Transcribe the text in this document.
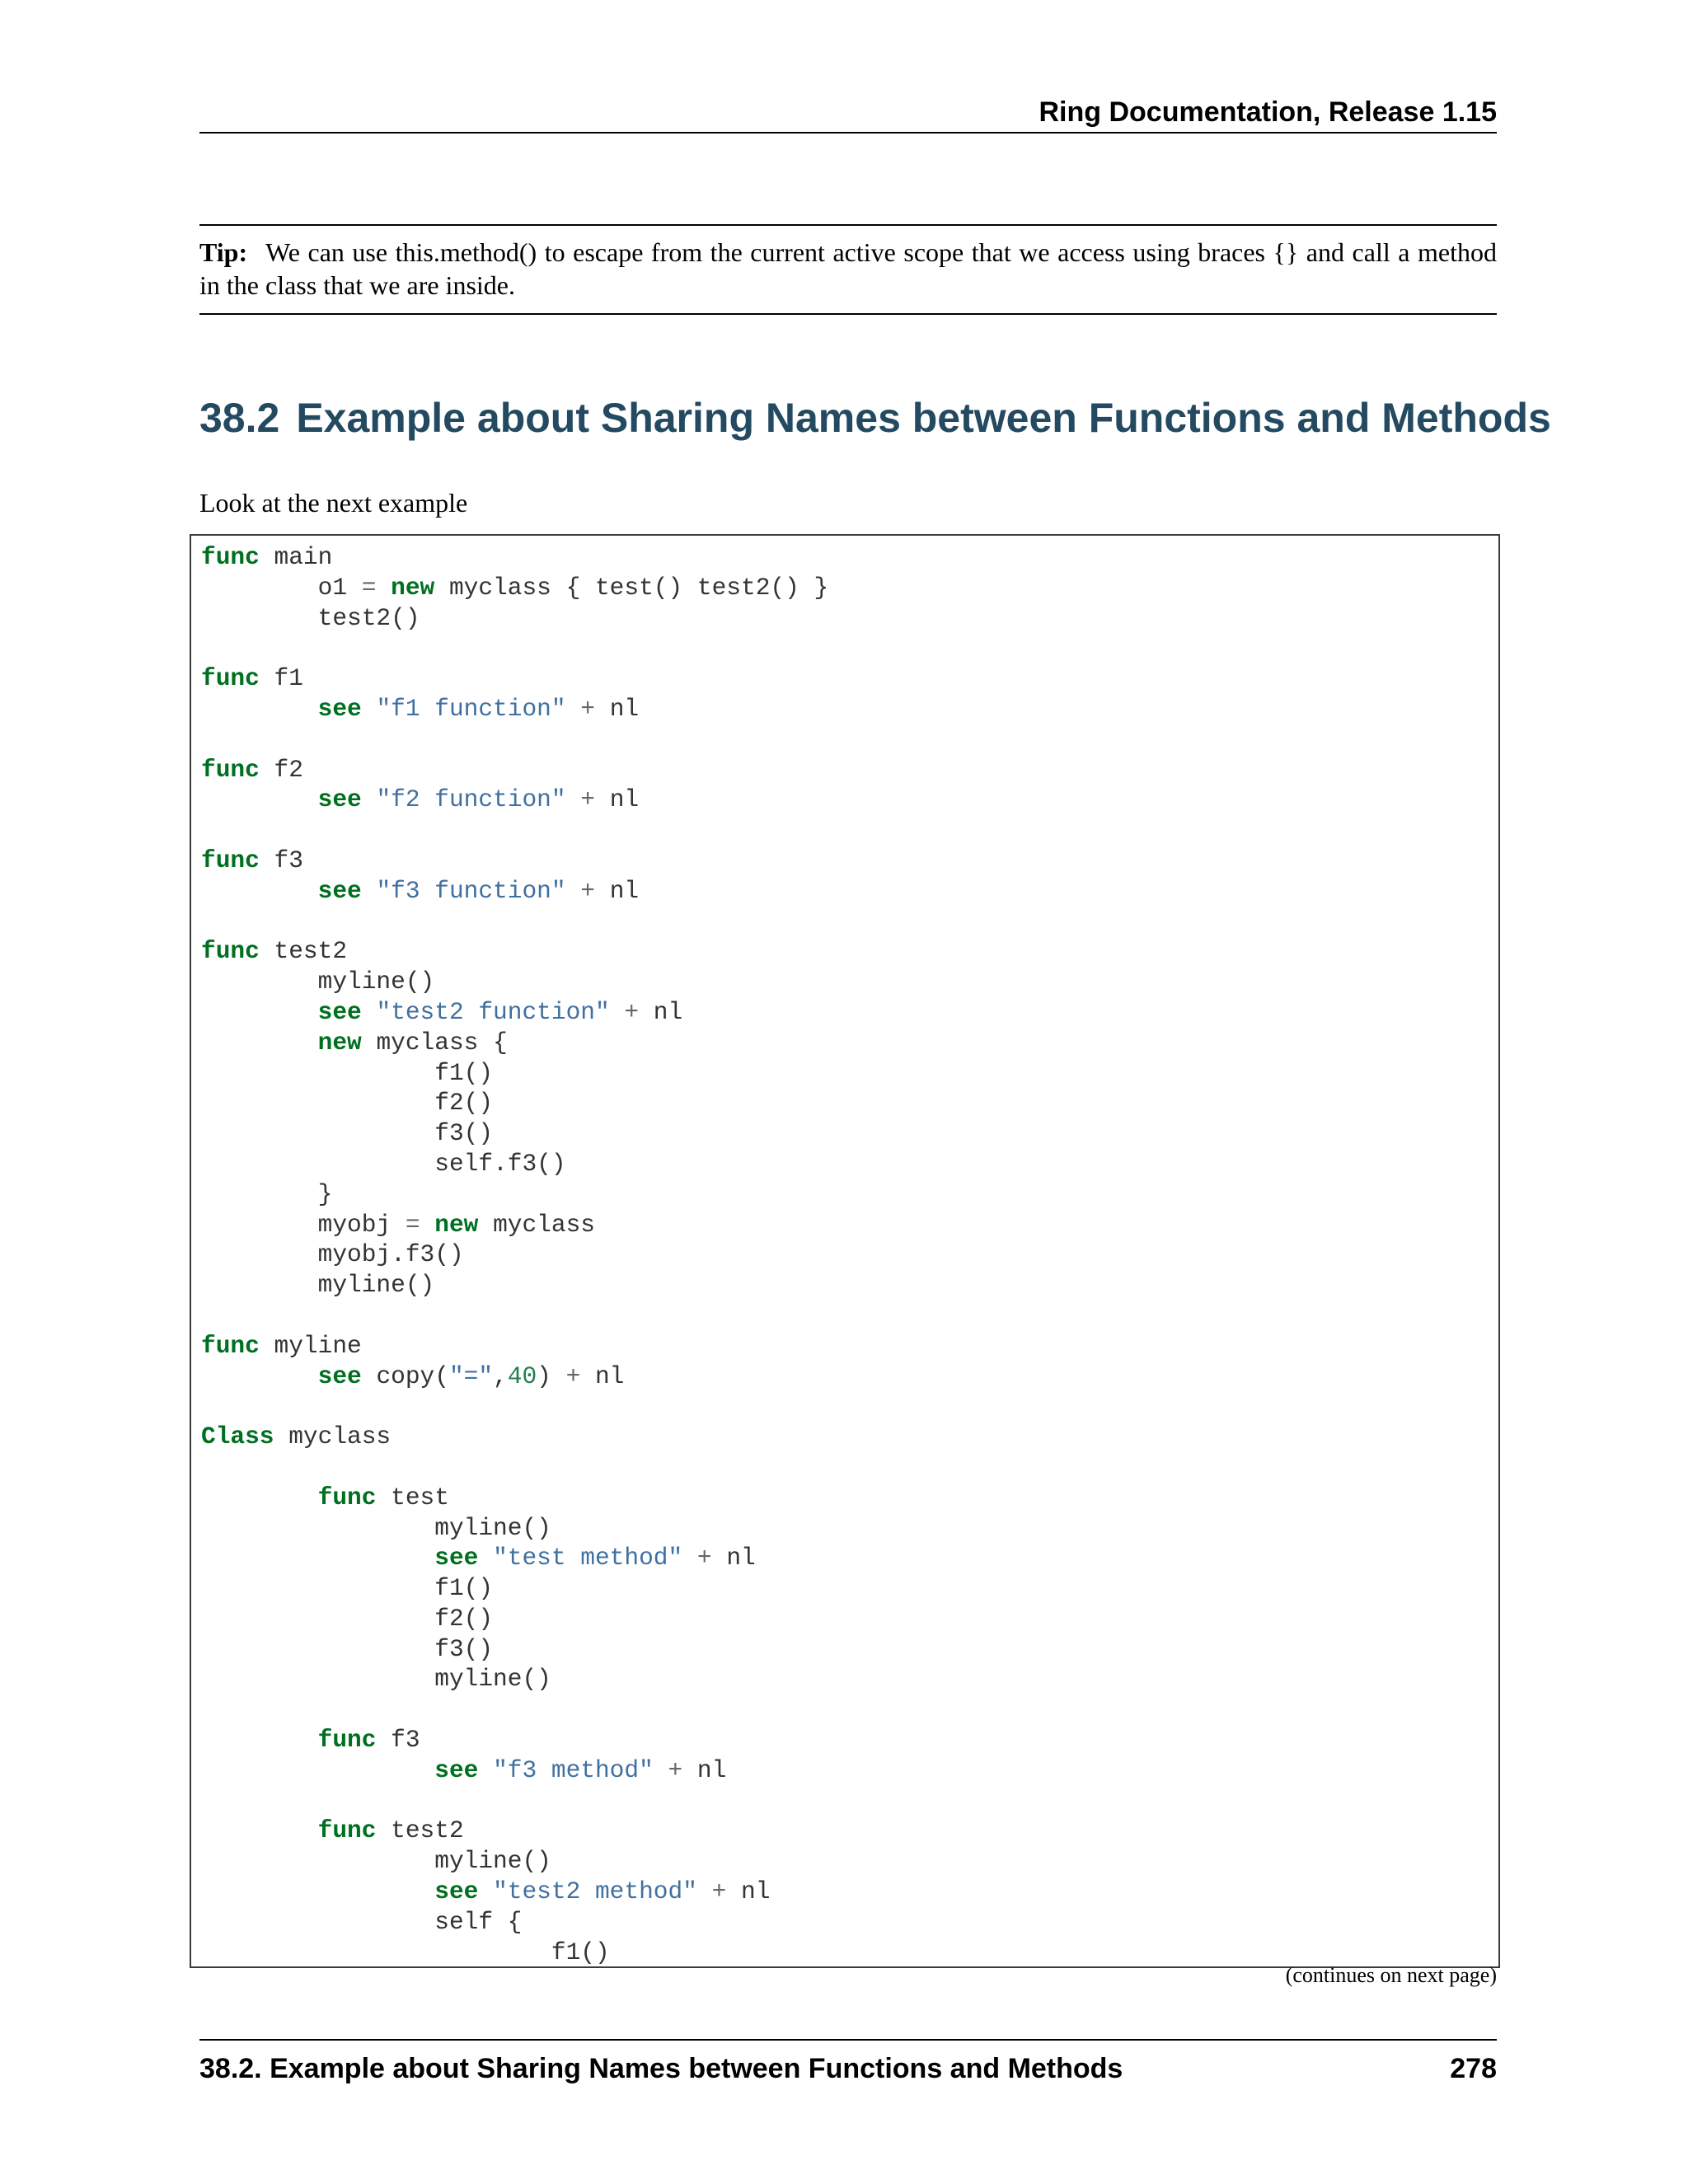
Ring Documentation, Release 1.15
Tip: We can use this.method() to escape from the current active scope that we access using braces {} and call a method in the class that we are inside.
38.2 Example about Sharing Names between Functions and Methods
Look at the next example
func main
o1 = new myclass { test() test2() }
test2()

func f1
see "f1 function" + nl

func f2
see "f2 function" + nl

func f3
see "f3 function" + nl

func test2
myline()
see "test2 function" + nl
new myclass {
f1()
f2()
f3()
self.f3()
}
myobj = new myclass
myobj.f3()
myline()

func myline
see copy("=",40) + nl

Class myclass

func test
myline()
see "test method" + nl
f1()
f2()
f3()
myline()

func f3
see "f3 method" + nl

func test2
myline()
see "test2 method" + nl
self {
f1()

(continues on next page)
38.2. Example about Sharing Names between Functions and Methods	278
